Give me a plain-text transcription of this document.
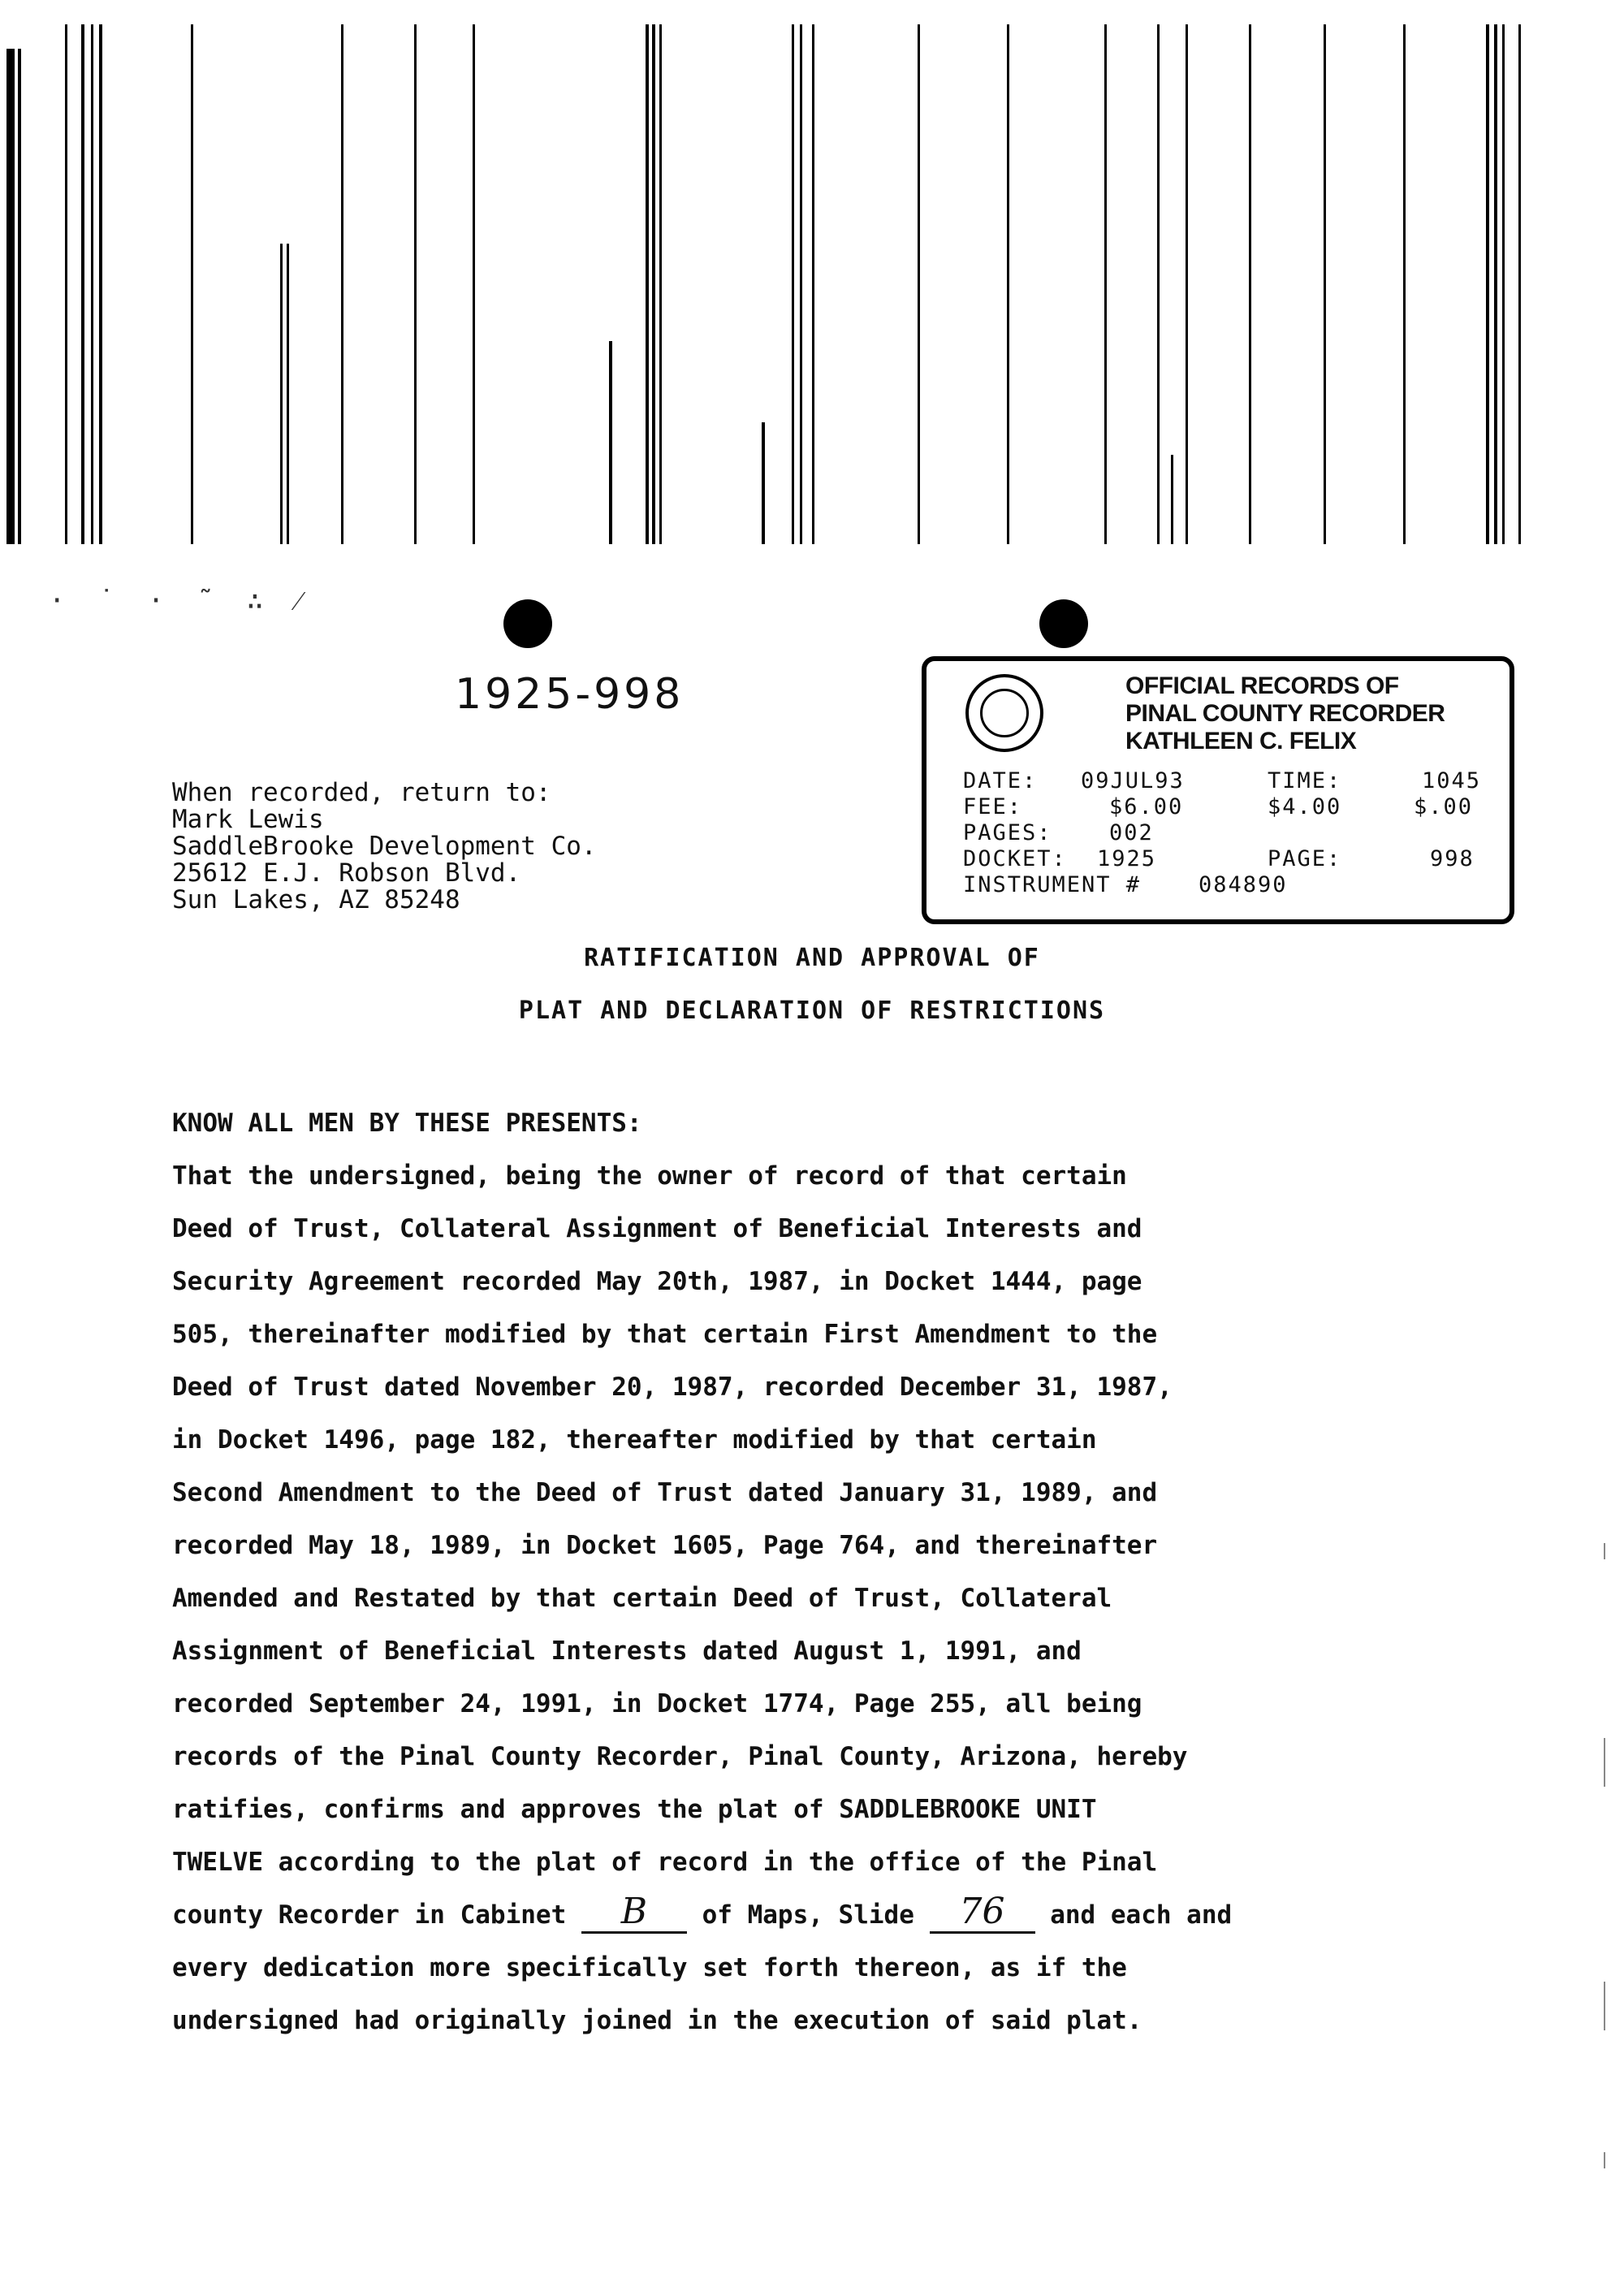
· ˙ · ˜ ∴ ⁄
1925-998	OFFICIAL RECORDS OF
PINAL COUNTY RECORDER
KATHLEEN C. FELIX
DATE: 09JUL93	TIME:	1045
FEE:	$6.00	$4.00	$.00
PAGES:	002
DOCKET: 1925	PAGE:	998
INSTRUMENT #	084890
When recorded, return to:
Mark Lewis
SaddleBrooke Development Co.
25612 E.J. Robson Blvd.
Sun Lakes, AZ 85248
RATIFICATION AND APPROVAL OF
PLAT AND DECLARATION OF RESTRICTIONS
KNOW ALL MEN BY THESE PRESENTS:
That the undersigned, being the owner of record of that certain
Deed of Trust, Collateral Assignment of Beneficial Interests and
Security Agreement recorded May 20th, 1987, in Docket 1444, page
505, thereinafter modified by that certain First Amendment to the
Deed of Trust dated November 20, 1987, recorded December 31, 1987,
in Docket 1496, page 182, thereafter modified by that certain
Second Amendment to the Deed of Trust dated January 31, 1989, and
recorded May 18, 1989, in Docket 1605, Page 764, and thereinafter
Amended and Restated by that certain Deed of Trust, Collateral
Assignment of Beneficial Interests dated August 1, 1991, and
recorded September 24, 1991, in Docket 1774, Page 255, all being
records of the Pinal County Recorder, Pinal County, Arizona, hereby
ratifies, confirms and approves the plat of SADDLEBROOKE UNIT
TWELVE according to the plat of record in the office of the Pinal
county Recorder in Cabinet B of Maps, Slide 76 and each and
every dedication more specifically set forth thereon, as if the
undersigned had originally joined in the execution of said plat.
